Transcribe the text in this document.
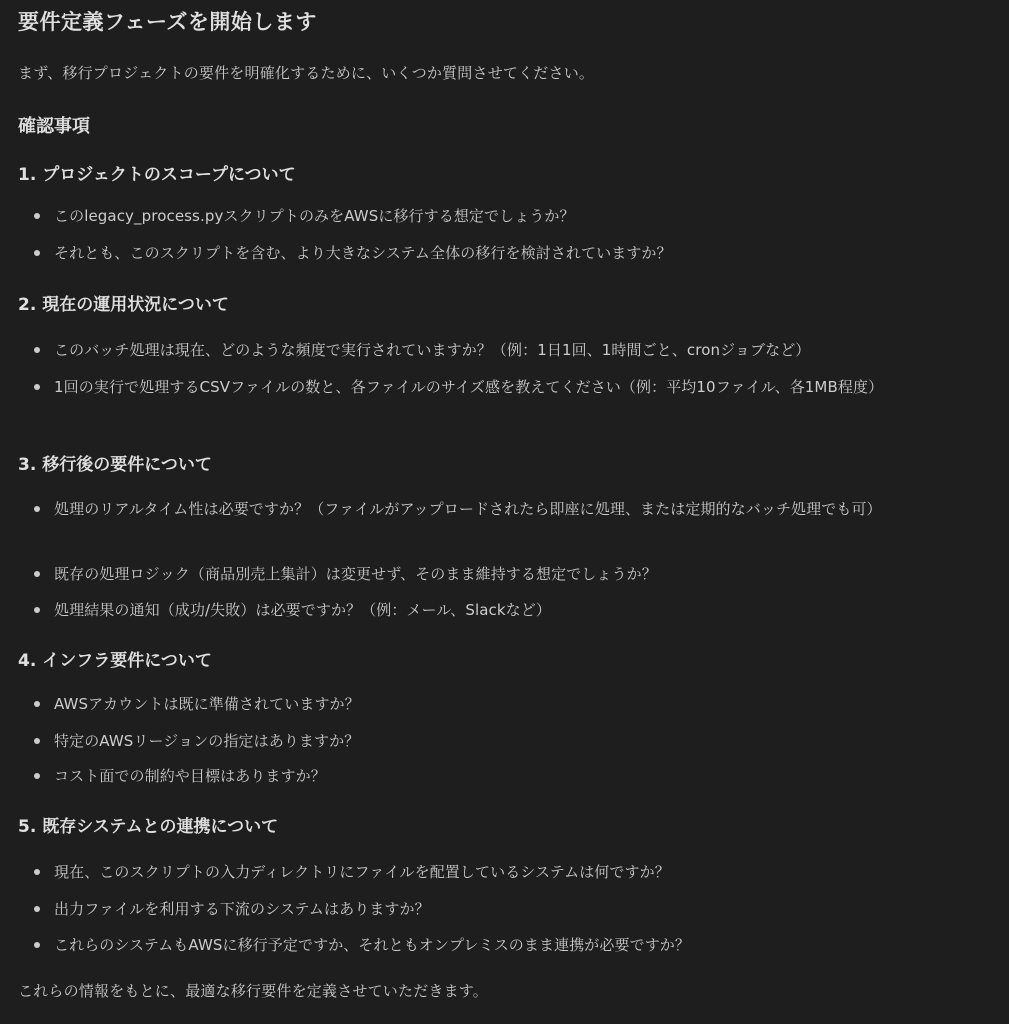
要件定義フェーズを開始します
まず、移行プロジェクトの要件を明確化するために、いくつか質問させてください。
確認事項
1. プロジェクトのスコープについて
このlegacy_process.pyスクリプトのみをAWSに移行する想定でしょうか？
それとも、このスクリプトを含む、より大きなシステム全体の移行を検討されていますか？
2. 現在の運用状況について
このバッチ処理は現在、どのような頻度で実行されていますか？（例：1日1回、1時間ごと、cronジョブなど）
1回の実行で処理するCSVファイルの数と、各ファイルのサイズ感を教えてください（例：平均10ファイル、各1MB程度）
3. 移行後の要件について
処理のリアルタイム性は必要ですか？（ファイルがアップロードされたら即座に処理、または定期的なバッチ処理でも可）
既存の処理ロジック（商品別売上集計）は変更せず、そのまま維持する想定でしょうか？
処理結果の通知（成功/失敗）は必要ですか？（例：メール、Slackなど）
4. インフラ要件について
AWSアカウントは既に準備されていますか？
特定のAWSリージョンの指定はありますか？
コスト面での制約や目標はありますか？
5. 既存システムとの連携について
現在、このスクリプトの入力ディレクトリにファイルを配置しているシステムは何ですか？
出力ファイルを利用する下流のシステムはありますか？
これらのシステムもAWSに移行予定ですか、それともオンプレミスのまま連携が必要ですか？
これらの情報をもとに、最適な移行要件を定義させていただきます。
